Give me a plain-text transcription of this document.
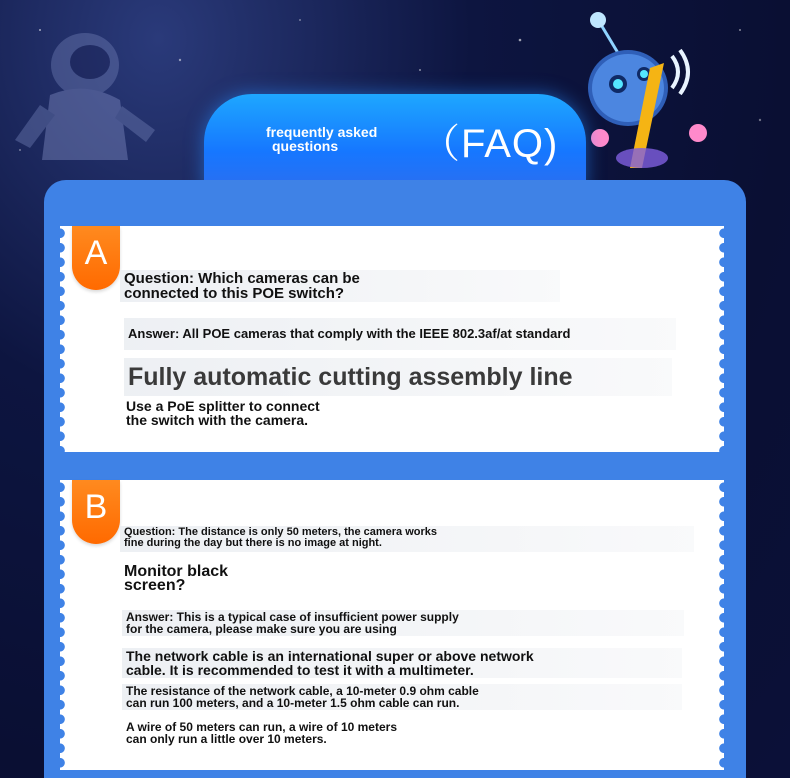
frequently asked
questions	（FAQ)
A
Question: Which cameras can be
connected to this POE switch?
Answer: All POE cameras that comply with the IEEE 802.3af/at standard
Fully automatic cutting assembly line
Use a PoE splitter to connect
the switch with the camera.
B
Question: The distance is only 50 meters, the camera works
fine during the day but there is no image at night.
Monitor black
screen?
Answer: This is a typical case of insufficient power supply
for the camera, please make sure you are using
The network cable is an international super or above network
cable. It is recommended to test it with a multimeter.
The resistance of the network cable, a 10-meter 0.9 ohm cable
can run 100 meters, and a 10-meter 1.5 ohm cable can run.
A wire of 50 meters can run, a wire of 10 meters
can only run a little over 10 meters.
